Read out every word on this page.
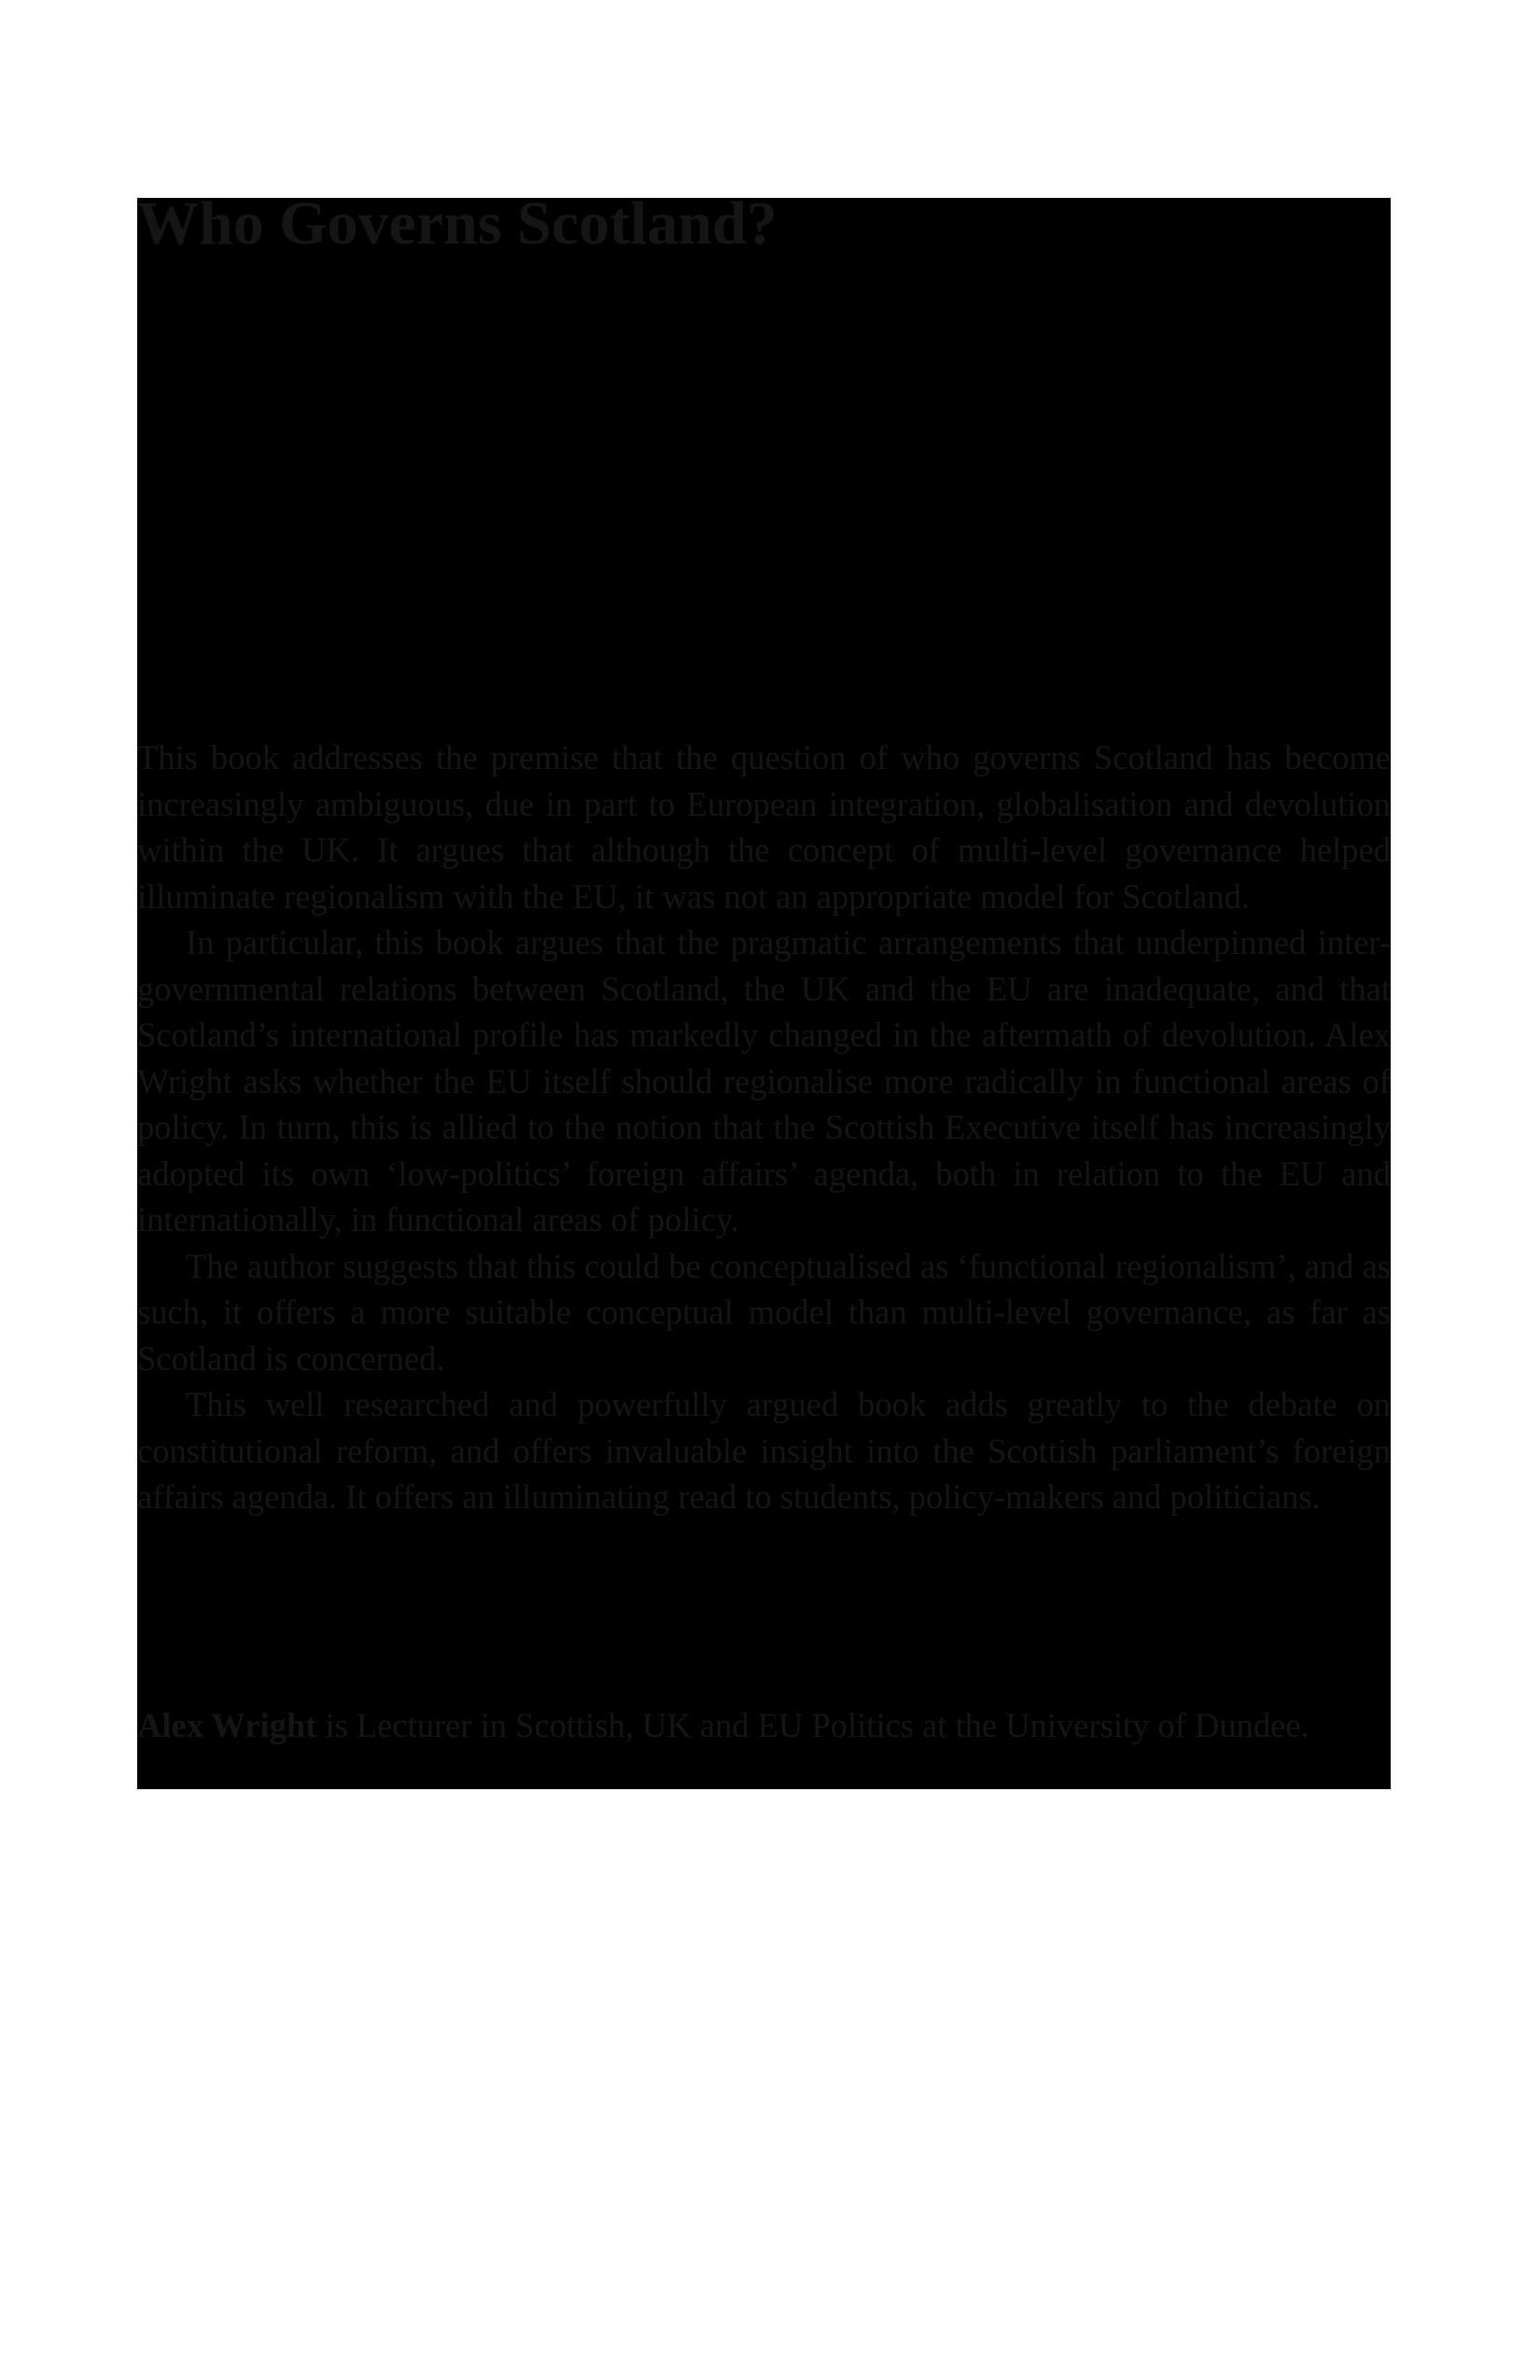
Who Governs Scotland?

This book addresses the premise that the question of who governs Scotland has become increasingly ambiguous, due in part to European integration, globalisation and devolution within the UK. It argues that although the concept of multi-level governance helped illuminate regionalism with the EU, it was not an appropriate model for Scotland.

In particular, this book argues that the pragmatic arrangements that underpinned inter-governmental relations between Scotland, the UK and the EU are inadequate, and that Scotland’s international profile has markedly changed in the aftermath of devolution. Alex Wright asks whether the EU itself should regionalise more radically in functional areas of policy. In turn, this is allied to the notion that the Scottish Executive itself has increasingly adopted its own ‘low-politics’ foreign affairs’ agenda, both in relation to the EU and internationally, in functional areas of policy.

The author suggests that this could be conceptualised as ‘functional regionalism’, and as such, it offers a more suitable conceptual model than multi-level governance, as far as Scotland is concerned.

This well researched and powerfully argued book adds greatly to the debate on constitutional reform, and offers invaluable insight into the Scottish parliament’s foreign affairs agenda. It offers an illuminating read to students, policy-makers and politicians.

Alex Wright is Lecturer in Scottish, UK and EU Politics at the University of Dundee.
